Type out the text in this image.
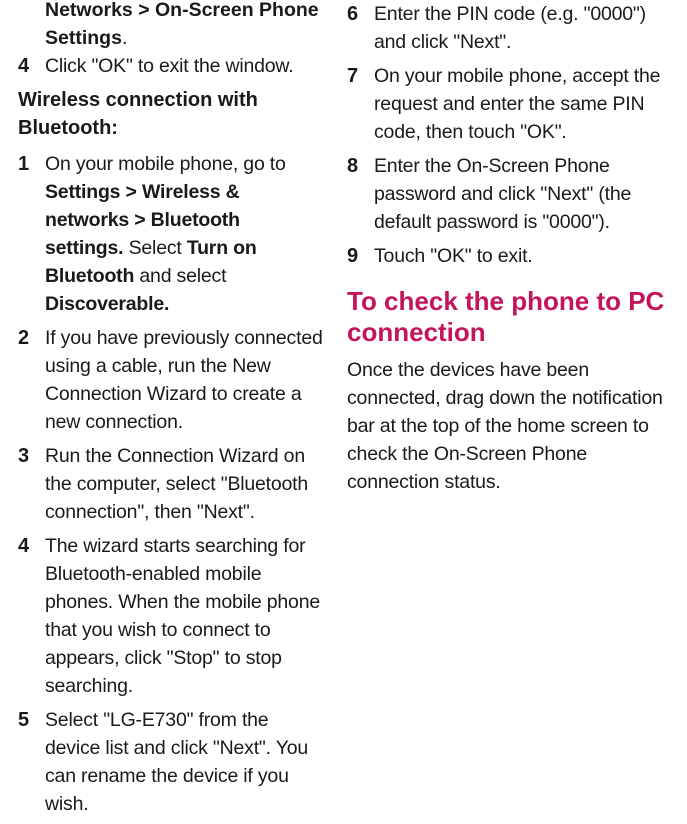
Networks > On-Screen Phone
Settings.
4 Click "OK" to exit the window.
Wireless connection with Bluetooth:
1 On your mobile phone, go to Settings > Wireless & networks > Bluetooth settings. Select Turn on Bluetooth and select Discoverable.
2 If you have previously connected using a cable, run the New Connection Wizard to create a new connection.
3 Run the Connection Wizard on the computer, select "Bluetooth connection", then "Next".
4 The wizard starts searching for Bluetooth-enabled mobile phones. When the mobile phone that you wish to connect to appears, click "Stop" to stop searching.
5 Select "LG-E730" from the device list and click "Next". You can rename the device if you wish.
6 Enter the PIN code (e.g. "0000") and click "Next".
7 On your mobile phone, accept the request and enter the same PIN code, then touch "OK".
8 Enter the On-Screen Phone password and click "Next" (the default password is "0000").
9 Touch "OK" to exit.
To check the phone to PC connection
Once the devices have been connected, drag down the notification bar at the top of the home screen to check the On-Screen Phone connection status.
